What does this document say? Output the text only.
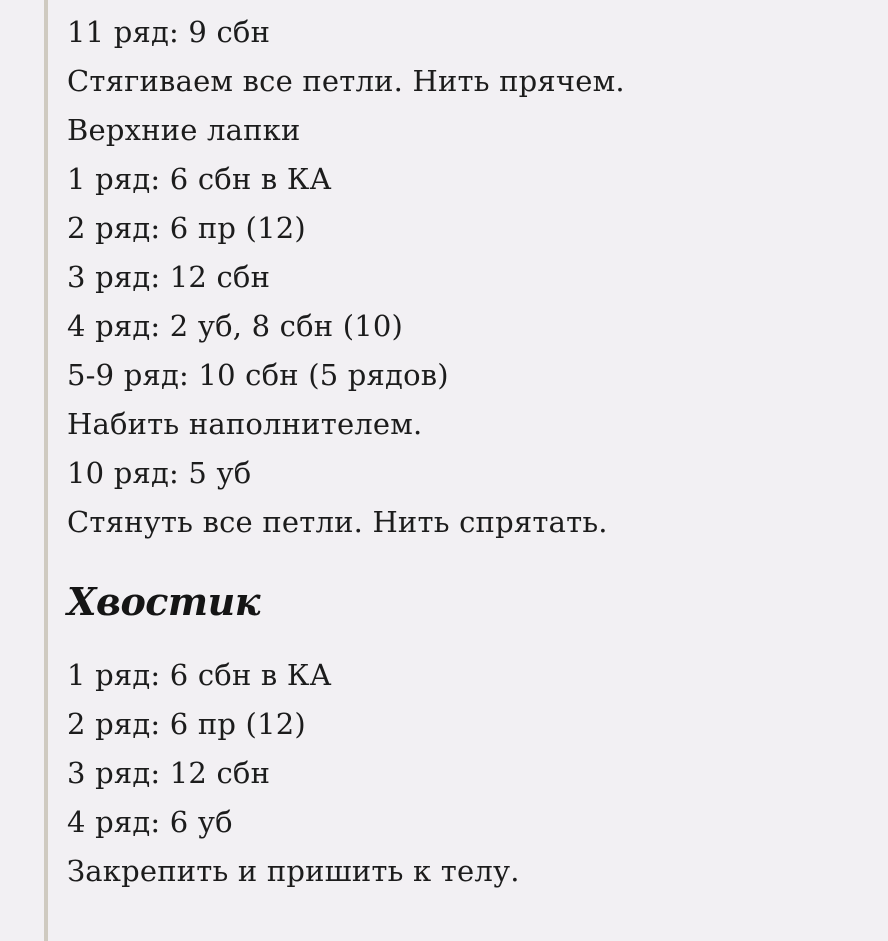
11 ряд: 9 сбн
Стягиваем все петли. Нить прячем.
Верхние лапки
1 ряд: 6 сбн в КА
2 ряд: 6 пр (12)
3 ряд: 12 сбн
4 ряд: 2 уб, 8 сбн (10)
5-9 ряд: 10 сбн (5 рядов)
Набить наполнителем.
10 ряд: 5 уб
Стянуть все петли. Нить спрятать.
Хвостик
1 ряд: 6 сбн в КА
2 ряд: 6 пр (12)
3 ряд: 12 сбн
4 ряд: 6 уб
Закрепить и пришить к телу.
